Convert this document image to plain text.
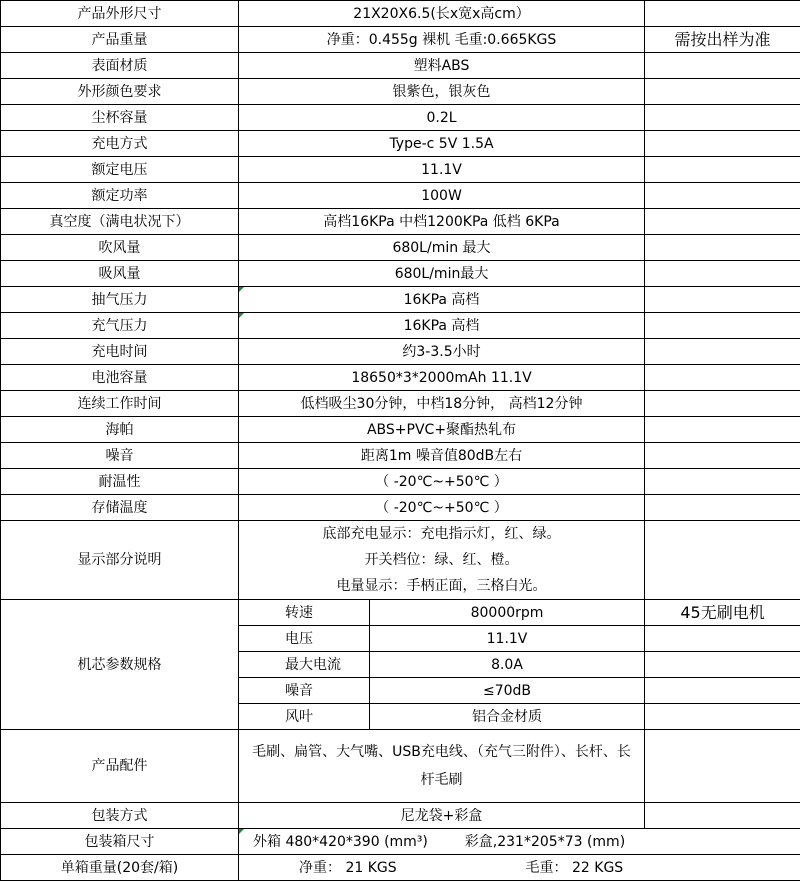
产品外形尺寸	21X20X6.5(长x宽x高cm）		
产品重量	净重：0.455g 裸机 毛重:0.665KGS		需按出样为准
表面材质	塑料ABS		
外形颜色要求	银紫色，银灰色		
尘杯容量	0.2L		
充电方式	Type-c 5V 1.5A		
额定电压	11.1V		
额定功率	100W		
真空度（满电状况下）	高档16KPa 中档1200KPa 低档 6KPa		
吹风量	680L/min 最大		
吸风量	680L/min最大		
抽气压力	16KPa 高档		
充气压力	16KPa 高档		
充电时间	约3-3.5小时		
电池容量	18650*3*2000mAh 11.1V		
连续工作时间	低档吸尘30分钟，中档18分钟， 高档12分钟		
海帕	ABS+PVC+聚酯热轧布		
噪音	距离1m 噪音值80dB左右		
耐温性	（ -20℃~+50℃ ）		
存储温度	（ -20℃~+50℃ ）		
显示部分说明	底部充电显示：充电指示灯，红、绿。
开关档位：绿、红、橙。
电量显示：手柄正面，三格白光。		

机芯参数规格	转速	80000rpm	45无刷电机
	电压	11.1V	
	最大电流	8.0A	
	噪音	≤70dB	
	风叶	铝合金材质	
产品配件	毛刷、扁管、大气嘴、USB充电线、（充气三附件）、长杆、长杆毛刷		
包装方式	尼龙袋+彩盒		
包装箱尺寸	外箱 480*420*390 (mm³) 彩盒,231*205*73 (mm)		
单箱重量(20套/箱)	净重： 21 KGS 毛重： 22 KGS		
